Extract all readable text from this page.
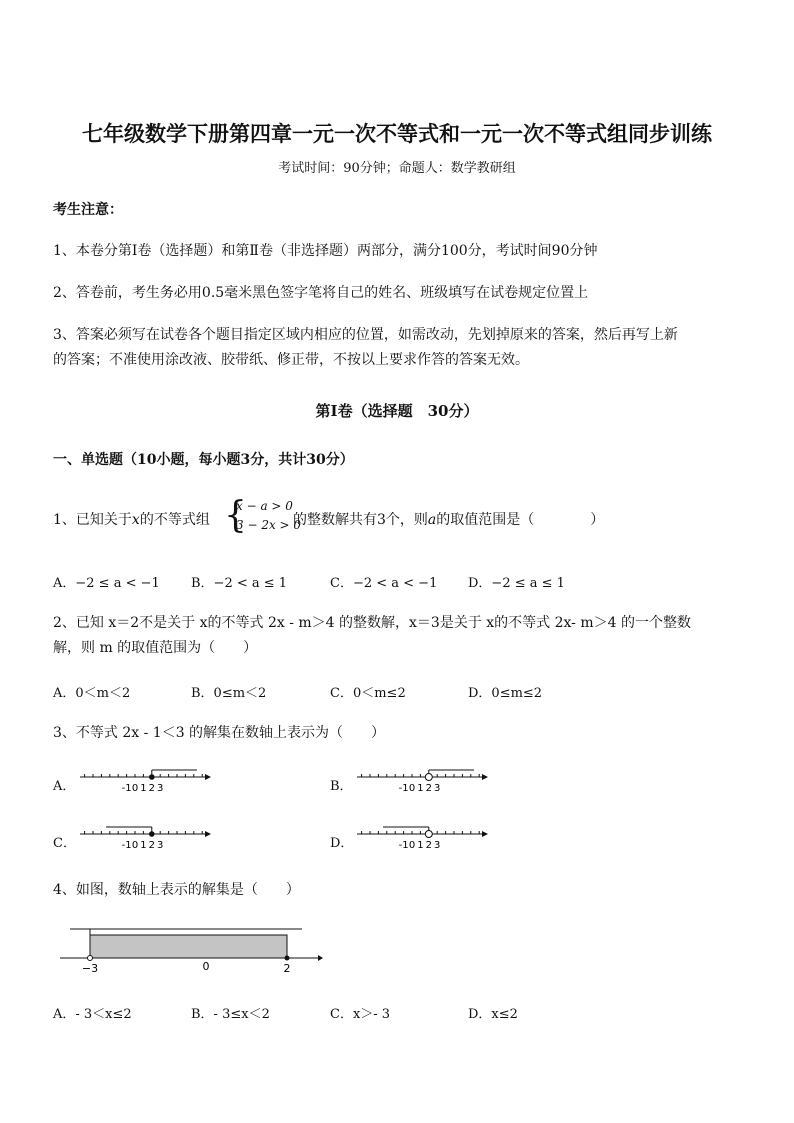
七年级数学下册第四章一元一次不等式和一元一次不等式组同步训练
考试时间：90分钟；命题人：数学教研组
考生注意：
1、本卷分第Ⅰ卷（选择题）和第Ⅱ卷（非选择题）两部分，满分100分，考试时间90分钟
2、答卷前，考生务必用0.5毫米黑色签字笔将自己的姓名、班级填写在试卷规定位置上
3、答案必须写在试卷各个题目指定区域内相应的位置，如需改动，先划掉原来的答案，然后再写上新
的答案；不准使用涂改液、胶带纸、修正带，不按以上要求作答的答案无效。
第Ⅰ卷（选择题　30分）
一、单选题（10小题，每小题3分，共计30分）
1、已知关于x的不等式组 {
x − a > 0
3 − 2x > 0
的整数解共有3个，则a的取值范围是（　　　　）
A．−2 ≤ a < −1 B．−2 < a ≤ 1	C．−2 < a < −1 D．−2 ≤ a ≤ 1
2、已知 x＝2不是关于 x的不等式 2x - m＞4 的整数解，x＝3是关于 x的不等式 2x- m＞4 的一个整数
解，则 m 的取值范围为（　　）
A．0＜m＜2	B．0≤m＜2	C．0＜m≤2	D．0≤m≤2
3、不等式 2x - 1＜3 的解集在数轴上表示为（　　）
A．	B．
C．	D．
-1 0 1 2 3	-1 0 1 2 3
-1 0 1 2 3	-1 0 1 2 3
−3	0	2
4、如图，数轴上表示的解集是（　　）
A．- 3＜x≤2	B．- 3≤x＜2	C．x＞- 3	D．x≤2
